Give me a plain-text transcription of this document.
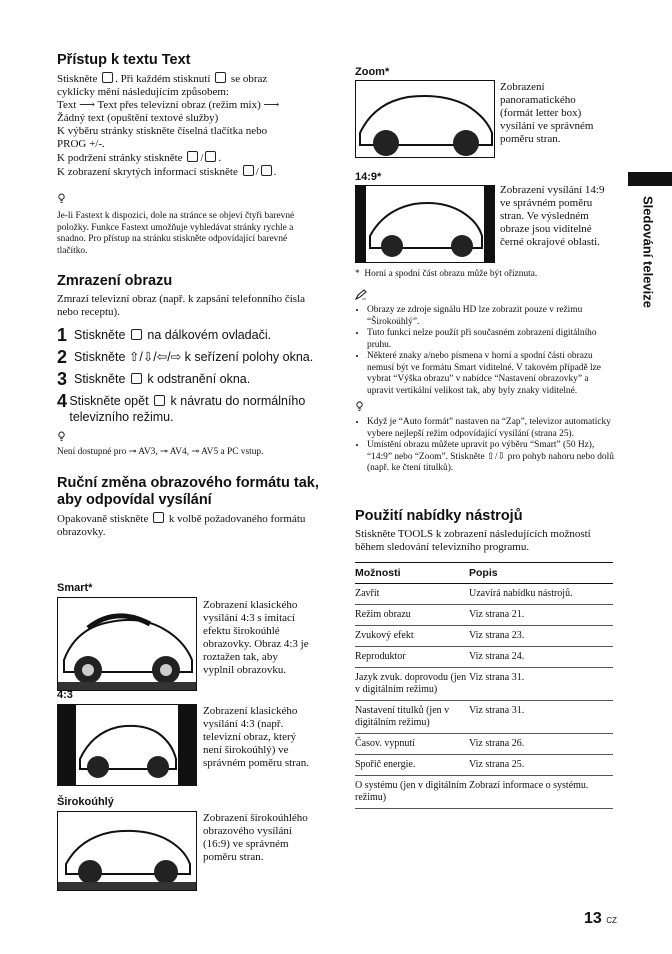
Přístup k textu Text
Stiskněte . Při každém stisknutí se obraz
cyklicky mění následujícím způsobem:
Text ⟶ Text přes televizní obraz (režim mix) ⟶
Žádný text (opuštění textové služby)
K výběru stránky stiskněte číselná tlačítka nebo
PROG +/-.
K podržení stránky stiskněte / .
K zobrazení skrytých informací stiskněte / .
Je-li Fastext k dispozici, dole na stránce se objeví čtyři barevné položky. Funkce Fastext umožňuje vyhledávat stránky rychle a snadno. Pro přístup na stránku stiskněte odpovídající barevné tlačítko.
Zmrazení obrazu
Zmrazí televizní obraz (např. k zapsání telefonního čísla nebo receptu).
1 Stiskněte na dálkovém ovladači.
2 Stiskněte ⇧/⇩/⇦/⇨ k seřízení polohy okna.
3 Stiskněte k odstranění okna.
4 Stiskněte opět k návratu do normálního televizního režimu.
Není dostupné pro ⊸ AV3, ⊸ AV4, ⊸ AV5 a PC vstup.
Ruční změna obrazového formátu tak, aby odpovídal vysílání
Opakovaně stiskněte k volbě požadovaného formátu obrazovky.
Smart*
Zobrazení klasického vysílání 4:3 s imitací efektu širokoúhlé obrazovky. Obraz 4:3 je roztažen tak, aby vyplnil obrazovku.
4:3
Zobrazení klasického vysílání 4:3 (např. televizní obraz, který není širokoúhlý) ve správném poměru stran.
Širokoúhlý
Zobrazení širokoúhlého obrazového vysílání (16:9) ve správném poměru stran.
Zoom*
Zobrazení panoramatického (formát letter box) vysílání ve správném poměru stran.
14:9*
Zobrazení vysílání 14:9 ve správném poměru stran. Ve výsledném obraze jsou viditelné černé okrajové oblasti.
* Horní a spodní část obrazu může být oříznuta.
• Obrazy ze zdroje signálu HD lze zobrazit pouze v režimu “Širokoúhlý”.
• Tuto funkci nelze použít při současném zobrazení digitálního pruhu.
• Některé znaky a/nebo písmena v horní a spodní části obrazu nemusí být ve formátu Smart viditelné. V takovém případě lze vybrat “Výška obrazu” v nabídce “Nastavení obrazovky” a upravit vertikální velikost tak, aby byly znaky viditelné.
• Když je “Auto formát” nastaven na “Zap”, televizor automaticky vybere nejlepší režim odpovídající vysílání (strana 25).
• Umístění obrazu můžete upravit po výběru “Smart” (50 Hz), “14:9” nebo “Zoom”. Stiskněte ⇧/⇩ pro pohyb nahoru nebo dolů (např. ke čtení titulků).
Použití nabídky nástrojů
Stiskněte TOOLS k zobrazení následujících možností během sledování televizního programu.
Možnosti	Popis
Zavřít	Uzavírá nabídku nástrojů.
Režim obrazu	Viz strana 21.
Zvukový efekt	Viz strana 23.
Reproduktor	Viz strana 24.
Jazyk zvuk. doprovodu (jen v digitálním režimu)	Viz strana 31.
Nastavení titulků (jen v digitálním režimu)	Viz strana 31.
Časov. vypnutí	Viz strana 26.
Spořič energie.	Viz strana 25.
O systému (jen v digitálním režimu)	Zobrazí informace o systému.
Sledování televize
13 CZ
